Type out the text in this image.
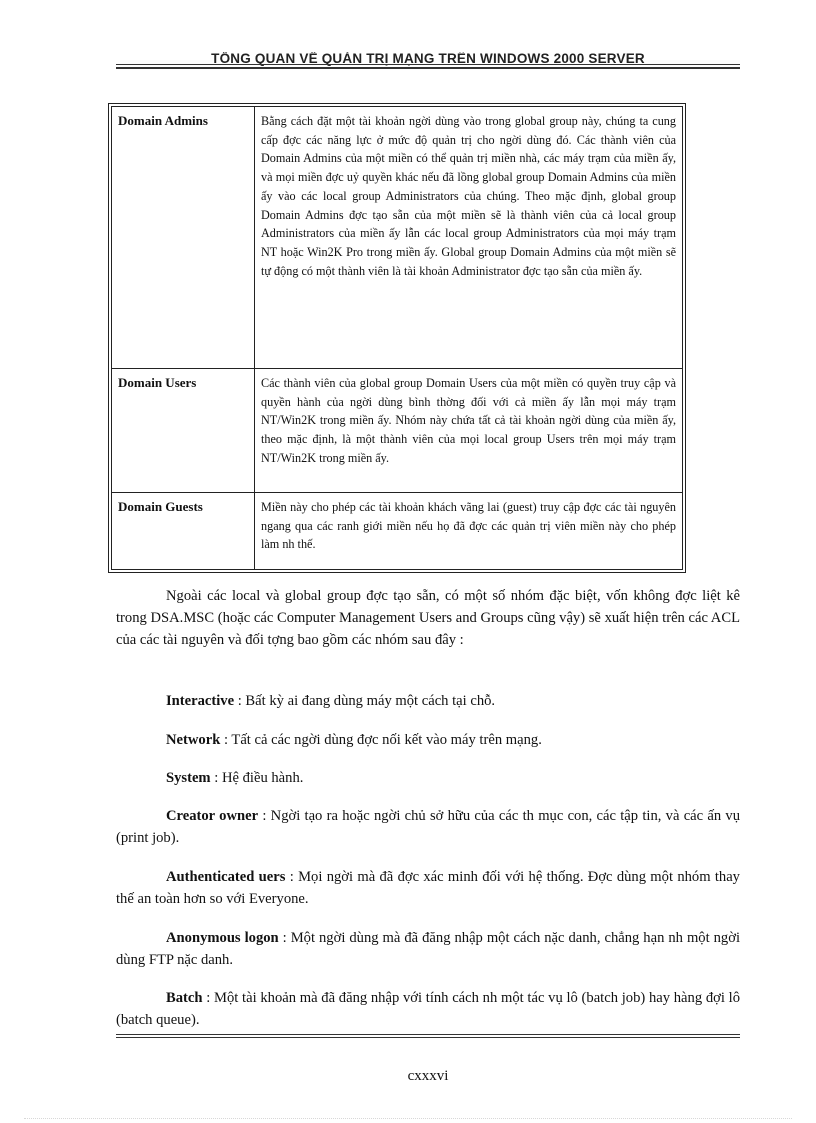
TỔNG QUAN VỀ QUẢN TRỊ MẠNG TRÊN WINDOWS 2000 SERVER
Domain Admins	Bằng cách đặt một tài khoản ngời dùng vào trong global group này, chúng ta cung cấp đợc các năng lực ở mức độ quản trị cho ngời dùng đó. Các thành viên của Domain Admins của một miền có thể quản trị miền nhà, các máy trạm của miền ấy, và mọi miền đợc uỷ quyền khác nếu đã lồng global group Domain Admins của miền ấy vào các local group Administrators của chúng. Theo mặc định, global group Domain Admins đợc tạo sẵn của một miền sẽ là thành viên của cả local group Administrators của miền ấy lẫn các local group Administrators của mọi máy trạm NT hoặc Win2K Pro trong miền ấy. Global group Domain Admins của một miền sẽ tự động có một thành viên là tài khoản Administrator đợc tạo sẵn của miền ấy.
Domain Users	Các thành viên của global group Domain Users của một miền có quyền truy cập và quyền hành của ngời dùng bình thờng đối với cả miền ấy lẫn mọi máy trạm NT/Win2K trong miền ấy. Nhóm này chứa tất cả tài khoản ngời dùng của miền ấy, theo mặc định, là một thành viên của mọi local group Users trên mọi máy trạm NT/Win2K trong miền ấy.
Domain Guests	Miền này cho phép các tài khoản khách vãng lai (guest) truy cập đợc các tài nguyên ngang qua các ranh giới miền nếu họ đã đợc các quản trị viên miền này cho phép làm nh thế.
Ngoài các local và global group đợc tạo sẵn, có một số nhóm đặc biệt, vốn không đợc liệt kê trong DSA.MSC (hoặc các Computer Management Users and Groups cũng vậy) sẽ xuất hiện trên các ACL của các tài nguyên và đối tợng bao gồm các nhóm sau đây :
Interactive : Bất kỳ ai đang dùng máy một cách tại chỗ.
Network : Tất cả các ngời dùng đợc nối kết vào máy trên mạng.
System : Hệ điều hành.
Creator owner : Ngời tạo ra hoặc ngời chủ sở hữu của các th mục con, các tập tin, và các ấn vụ (print job).
Authenticated uers : Mọi ngời mà đã đợc xác minh đối với hệ thống. Đợc dùng một nhóm thay thế an toàn hơn so với Everyone.
Anonymous logon : Một ngời dùng mà đã đăng nhập một cách nặc danh, chẳng hạn nh một ngời dùng FTP nặc danh.
Batch : Một tài khoản mà đã đăng nhập với tính cách nh một tác vụ lô (batch job) hay hàng đợi lô (batch queue).
cxxxvi
